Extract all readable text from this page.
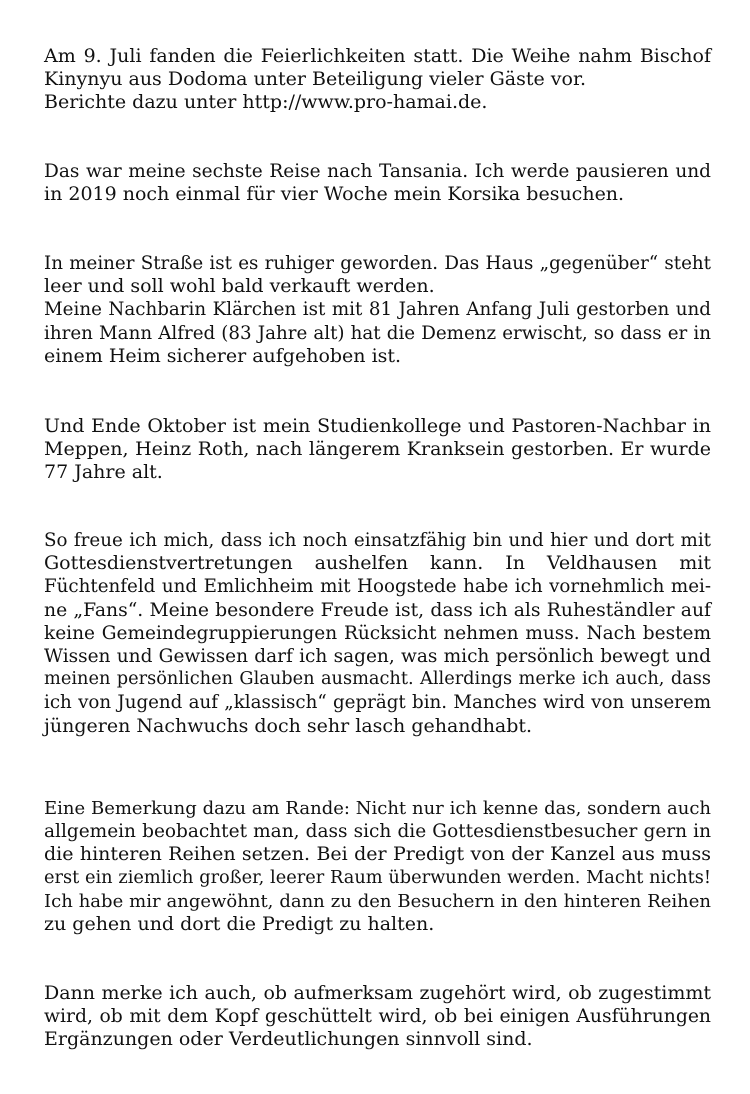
Am 9. Juli fanden die Feierlichkeiten statt. Die Weihe nahm Bischof
Kinynyu aus Dodoma unter Beteiligung vieler Gäste vor.
Berichte dazu unter http://www.pro-hamai.de.
Das war meine sechste Reise nach Tansania. Ich werde pausieren und
in 2019 noch einmal für vier Woche mein Korsika besuchen.
In meiner Straße ist es ruhiger geworden. Das Haus „gegenüber“ steht
leer und soll wohl bald verkauft werden.
Meine Nachbarin Klärchen ist mit 81 Jahren Anfang Juli gestorben und
ihren Mann Alfred (83 Jahre alt) hat die Demenz erwischt, so dass er in
einem Heim sicherer aufgehoben ist.
Und Ende Oktober ist mein Studienkollege und Pastoren-Nachbar in
Meppen, Heinz Roth, nach längerem Kranksein gestorben. Er wurde
77 Jahre alt.
So freue ich mich, dass ich noch einsatzfähig bin und hier und dort mit
Gottesdienstvertretungen aushelfen kann. In Veldhausen mit
Füchtenfeld und Emlichheim mit Hoogstede habe ich vornehmlich mei-
ne „Fans“. Meine besondere Freude ist, dass ich als Ruheständler auf
keine Gemeindegruppierungen Rücksicht nehmen muss. Nach bestem
Wissen und Gewissen darf ich sagen, was mich persönlich bewegt und
meinen persönlichen Glauben ausmacht. Allerdings merke ich auch, dass
ich von Jugend auf „klassisch“ geprägt bin. Manches wird von unserem
jüngeren Nachwuchs doch sehr lasch gehandhabt.
Eine Bemerkung dazu am Rande: Nicht nur ich kenne das, sondern auch
allgemein beobachtet man, dass sich die Gottesdienstbesucher gern in
die hinteren Reihen setzen. Bei der Predigt von der Kanzel aus muss
erst ein ziemlich großer, leerer Raum überwunden werden. Macht nichts!
Ich habe mir angewöhnt, dann zu den Besuchern in den hinteren Reihen
zu gehen und dort die Predigt zu halten.
Dann merke ich auch, ob aufmerksam zugehört wird, ob zugestimmt
wird, ob mit dem Kopf geschüttelt wird, ob bei einigen Ausführungen
Ergänzungen oder Verdeutlichungen sinnvoll sind.
